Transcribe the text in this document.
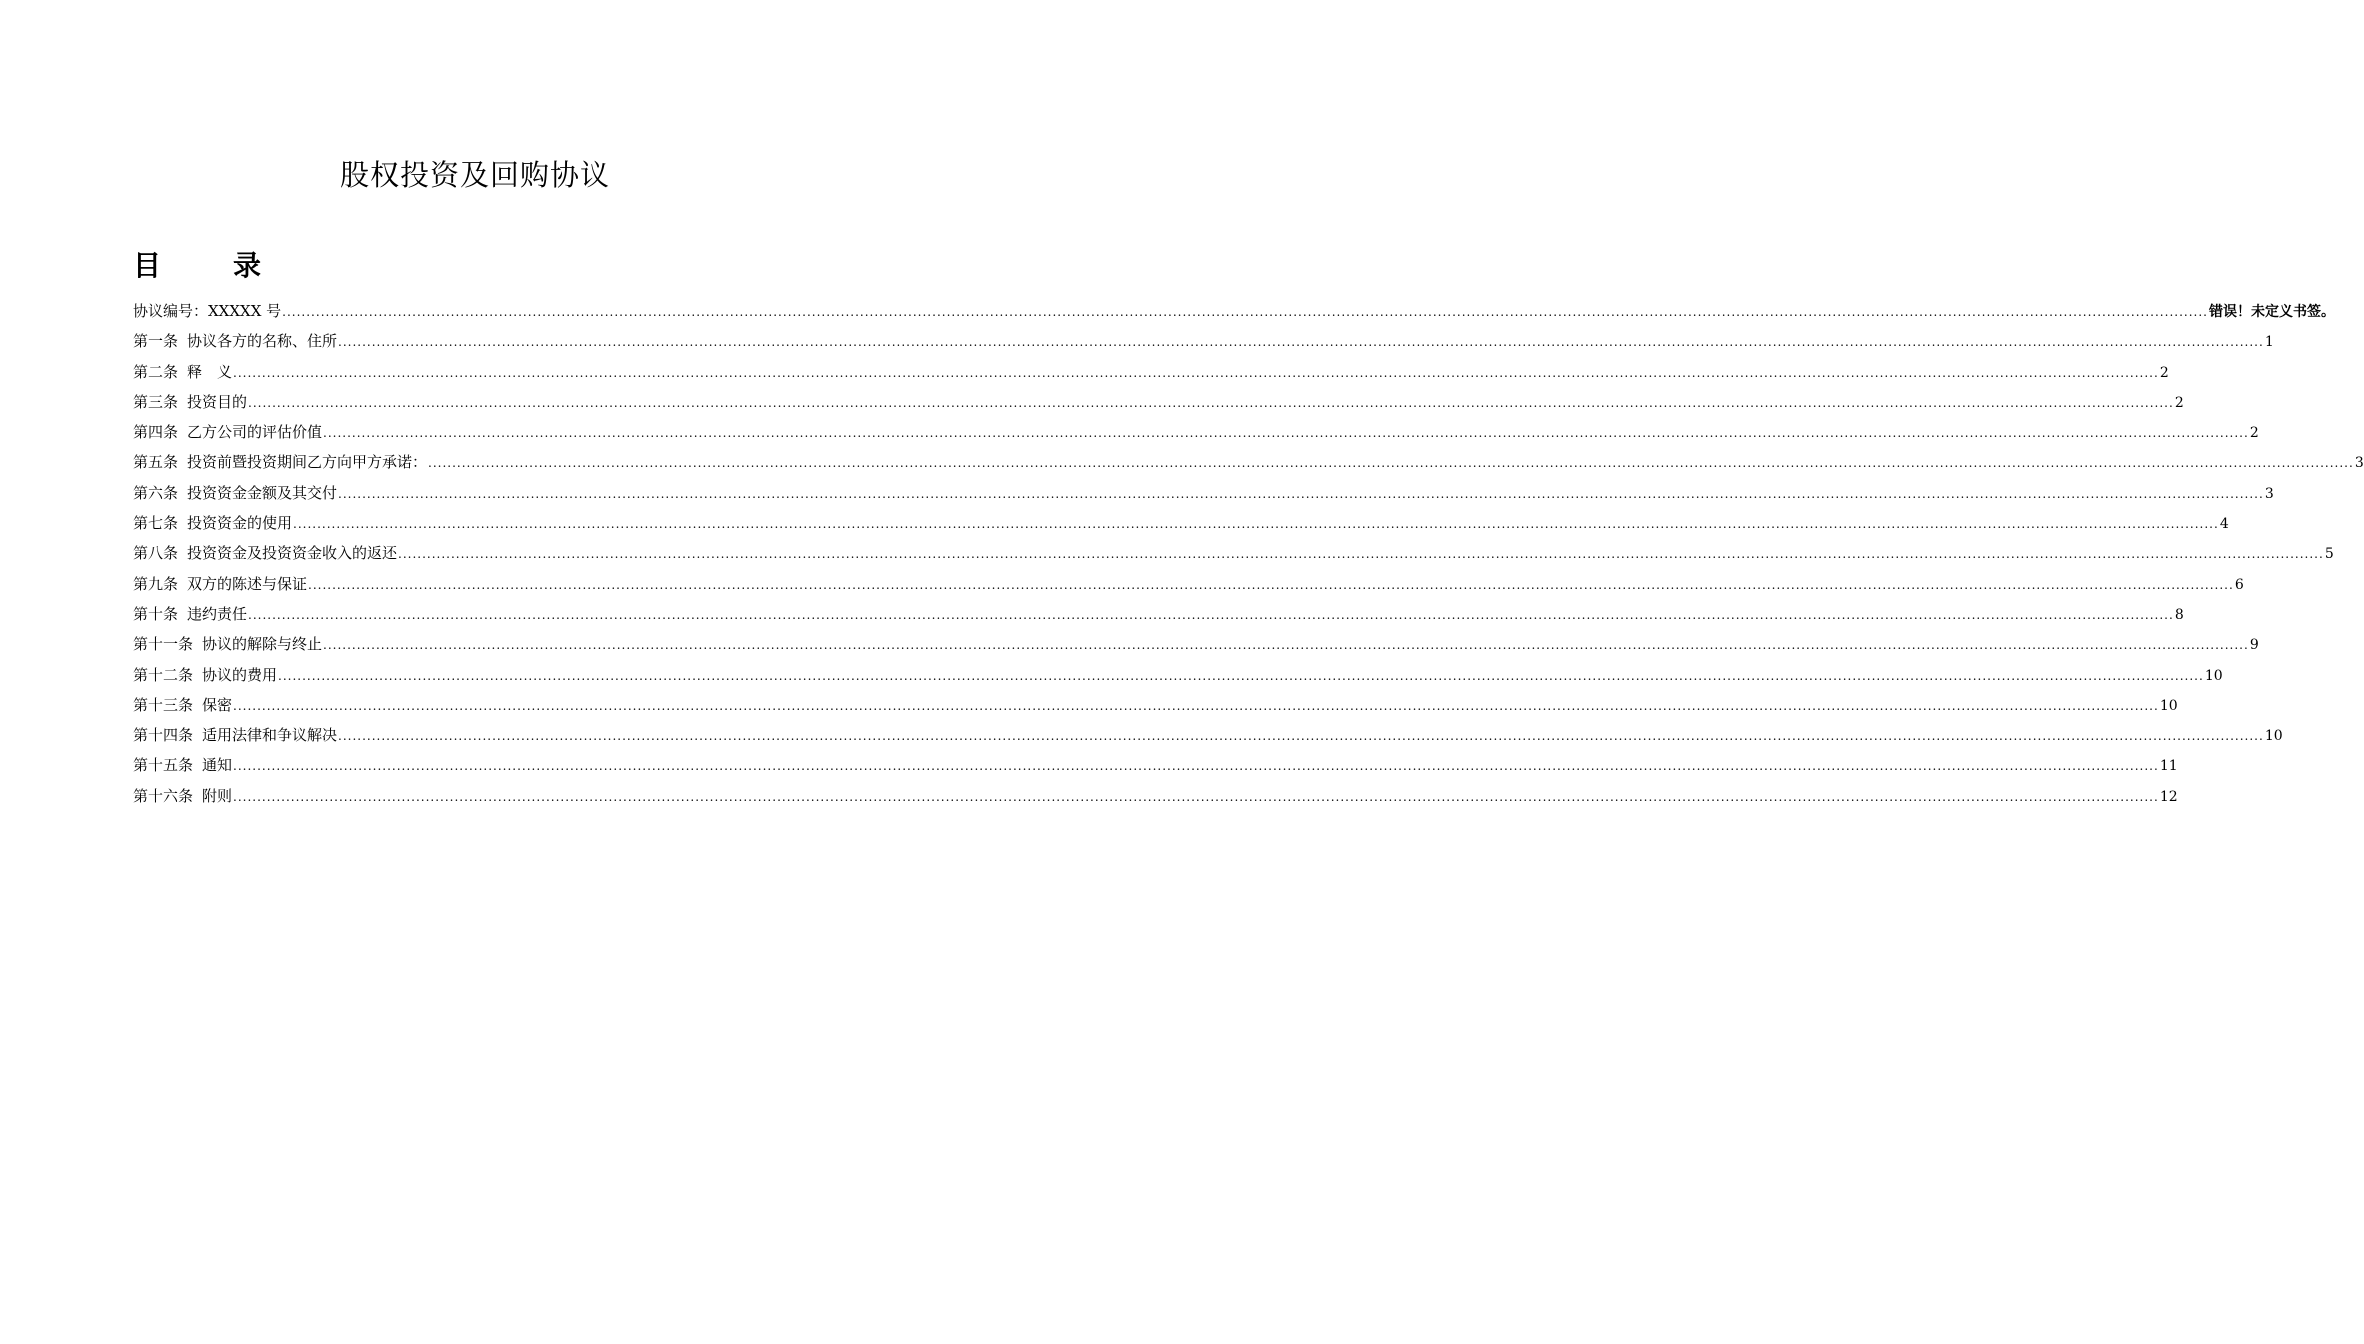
股权投资及回购协议
目　录
协议编号：XXXXX 号 ................................................................................................................................................................................................................................................................................................................................................................................................................ 错误！未定义书签。
第一条 协议各方的名称、住所 ................................................................................................................................................................................................................................................................................................................................................................................................................ 1
第二条 释　义 ................................................................................................................................................................................................................................................................................................................................................................................................................ 2
第三条 投资目的 ................................................................................................................................................................................................................................................................................................................................................................................................................ 2
第四条 乙方公司的评估价值 ................................................................................................................................................................................................................................................................................................................................................................................................................ 2
第五条 投资前暨投资期间乙方向甲方承诺： ................................................................................................................................................................................................................................................................................................................................................................................................................ 3
第六条 投资资金金额及其交付 ................................................................................................................................................................................................................................................................................................................................................................................................................ 3
第七条 投资资金的使用 ................................................................................................................................................................................................................................................................................................................................................................................................................ 4
第八条 投资资金及投资资金收入的返还 ................................................................................................................................................................................................................................................................................................................................................................................................................ 5
第九条 双方的陈述与保证 ................................................................................................................................................................................................................................................................................................................................................................................................................ 6
第十条 违约责任 ................................................................................................................................................................................................................................................................................................................................................................................................................ 8
第十一条 协议的解除与终止 ................................................................................................................................................................................................................................................................................................................................................................................................................ 9
第十二条 协议的费用 ................................................................................................................................................................................................................................................................................................................................................................................................................ 10
第十三条 保密 ................................................................................................................................................................................................................................................................................................................................................................................................................ 10
第十四条 适用法律和争议解决 ................................................................................................................................................................................................................................................................................................................................................................................................................ 10
第十五条 通知 ................................................................................................................................................................................................................................................................................................................................................................................................................ 11
第十六条 附则 ................................................................................................................................................................................................................................................................................................................................................................................................................ 12
